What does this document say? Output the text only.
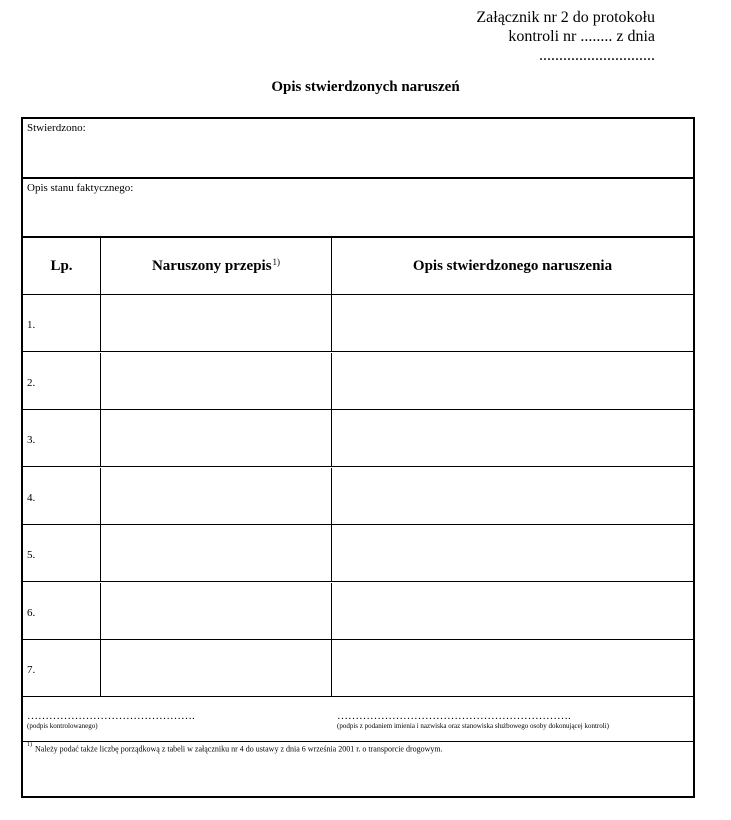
Załącznik nr 2 do protokołu
kontroli nr ........ z dnia
.............................
Opis stwierdzonych naruszeń
Stwierdzono:
Opis stanu faktycznego:
Lp.	Naruszony przepis$^{1)}$	Opis stwierdzonego naruszenia
1.
2.
3.
4.
5.
6.
7.
……………………………………….
(podpis kontrolowanego)
……………………………………………………….
(podpis z podaniem imienia i nazwiska oraz stanowiska służbowego osoby dokonującej kontroli)
$^{1)}$ Należy podać także liczbę porządkową z tabeli w załączniku nr 4 do ustawy z dnia 6 września 2001 r. o transporcie drogowym.
